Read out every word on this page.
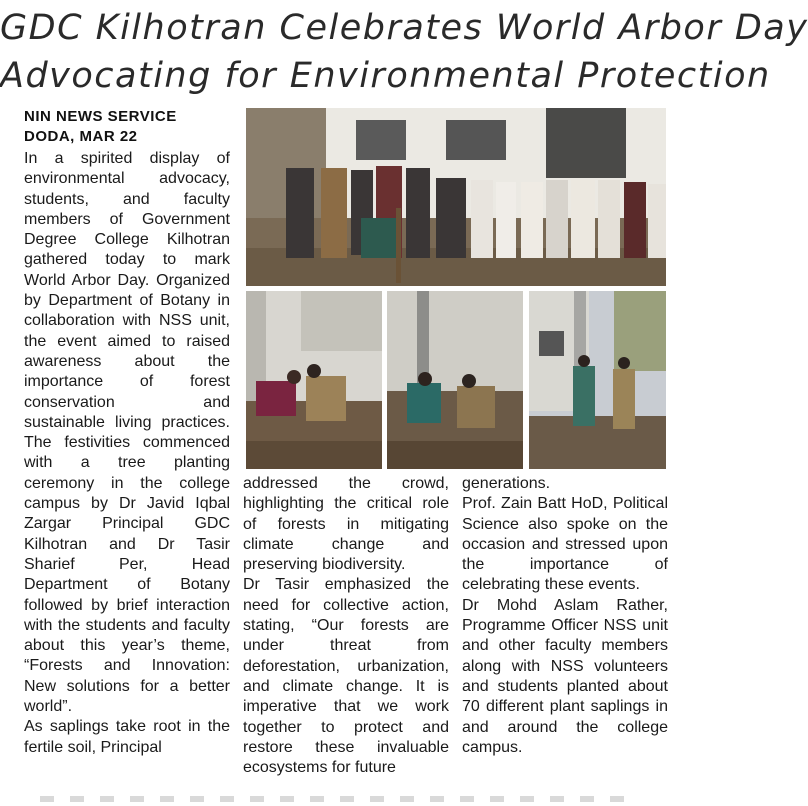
GDC Kilhotran Celebrates World Arbor Day
Advocating for Environmental Protection
NIN NEWS SERVICE
DODA, MAR 22

In a spirited display of environmental advocacy, students, and faculty members of Government Degree College Kilhotran gathered today to mark World Arbor Day. Organized by Department of Botany in collaboration with NSS unit, the event aimed to raised awareness about the importance of forest conservation and sustainable living practices. The festivities commenced with a tree planting ceremony in the college campus by Dr Javid Iqbal Zargar Principal GDC Kilhotran and Dr Tasir Sharief Per, Head Department of Botany followed by brief interaction with the students and faculty about this year’s theme, “Forests and Innovation: New solutions for a better world”.

As saplings take root in the fertile soil, Principal

addressed the crowd, highlighting the critical role of forests in mitigating climate change and preserving biodiversity.

Dr Tasir emphasized the need for collective action, stating, “Our forests are under threat from deforestation, urbanization, and climate change. It is imperative that we work together to protect and restore these invaluable ecosystems for future

generations.

Prof. Zain Batt HoD, Political Science also spoke on the occasion and stressed upon the importance of celebrating these events.

Dr Mohd Aslam Rather, Programme Officer NSS unit and other faculty members along with NSS volunteers and students planted about 70 different plant saplings in and around the college campus.
